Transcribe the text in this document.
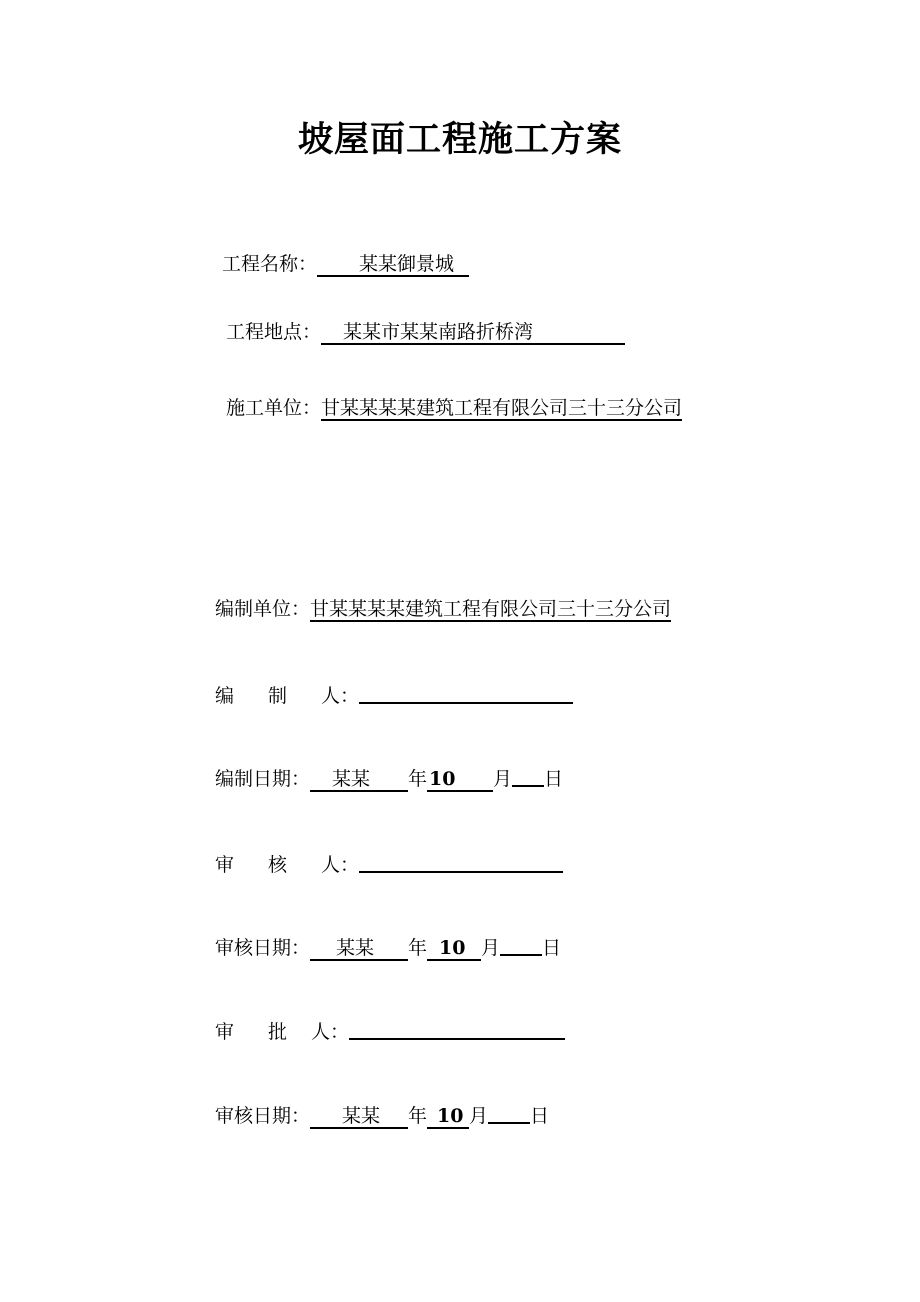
坡屋面工程施工方案
工程名称： 某某御景城
工程地点： 某某市某某南路折桥湾
施工单位：甘某某某某建筑工程有限公司三十三分公司
编制单位：甘某某某某建筑工程有限公司三十三分公司
编 制 人：
编制日期： 某某 年 10 月 日
审 核 人：
审核日期： 某某 年 10 月 日
审 批 人：
审核日期： 某某 年 10 月 日
